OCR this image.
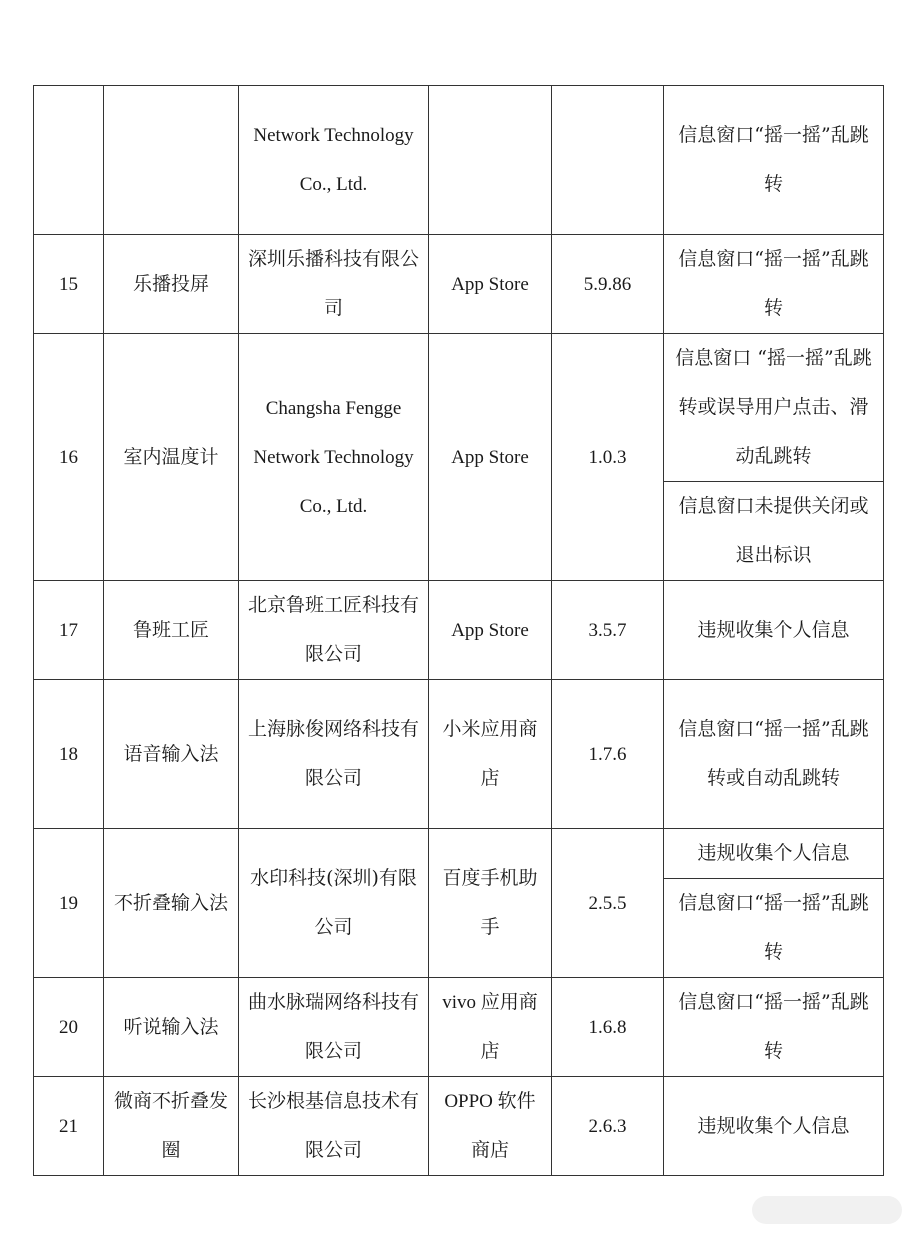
		Network Technology Co., Ltd.			信息窗口“摇一摇”乱跳转
15	乐播投屏	深圳乐播科技有限公司	App Store	5.9.86	信息窗口“摇一摇”乱跳转
16	室内温度计	Changsha Fengge Network Technology Co., Ltd.	App Store	1.0.3	信息窗口 “摇一摇”乱跳转或误导用户点击、滑动乱跳转
					信息窗口未提供关闭或退出标识
17	鲁班工匠	北京鲁班工匠科技有限公司	App Store	3.5.7	违规收集个人信息
18	语音输入法	上海脉俊网络科技有限公司	小米应用商店	1.7.6	信息窗口“摇一摇”乱跳转或自动乱跳转
19	不折叠输入法	水印科技(深圳)有限公司	百度手机助手	2.5.5	违规收集个人信息
					信息窗口“摇一摇”乱跳转
20	听说输入法	曲水脉瑞网络科技有限公司	vivo 应用商店	1.6.8	信息窗口“摇一摇”乱跳转
21	微商不折叠发圈	长沙根基信息技术有限公司	OPPO 软件商店	2.6.3	违规收集个人信息
